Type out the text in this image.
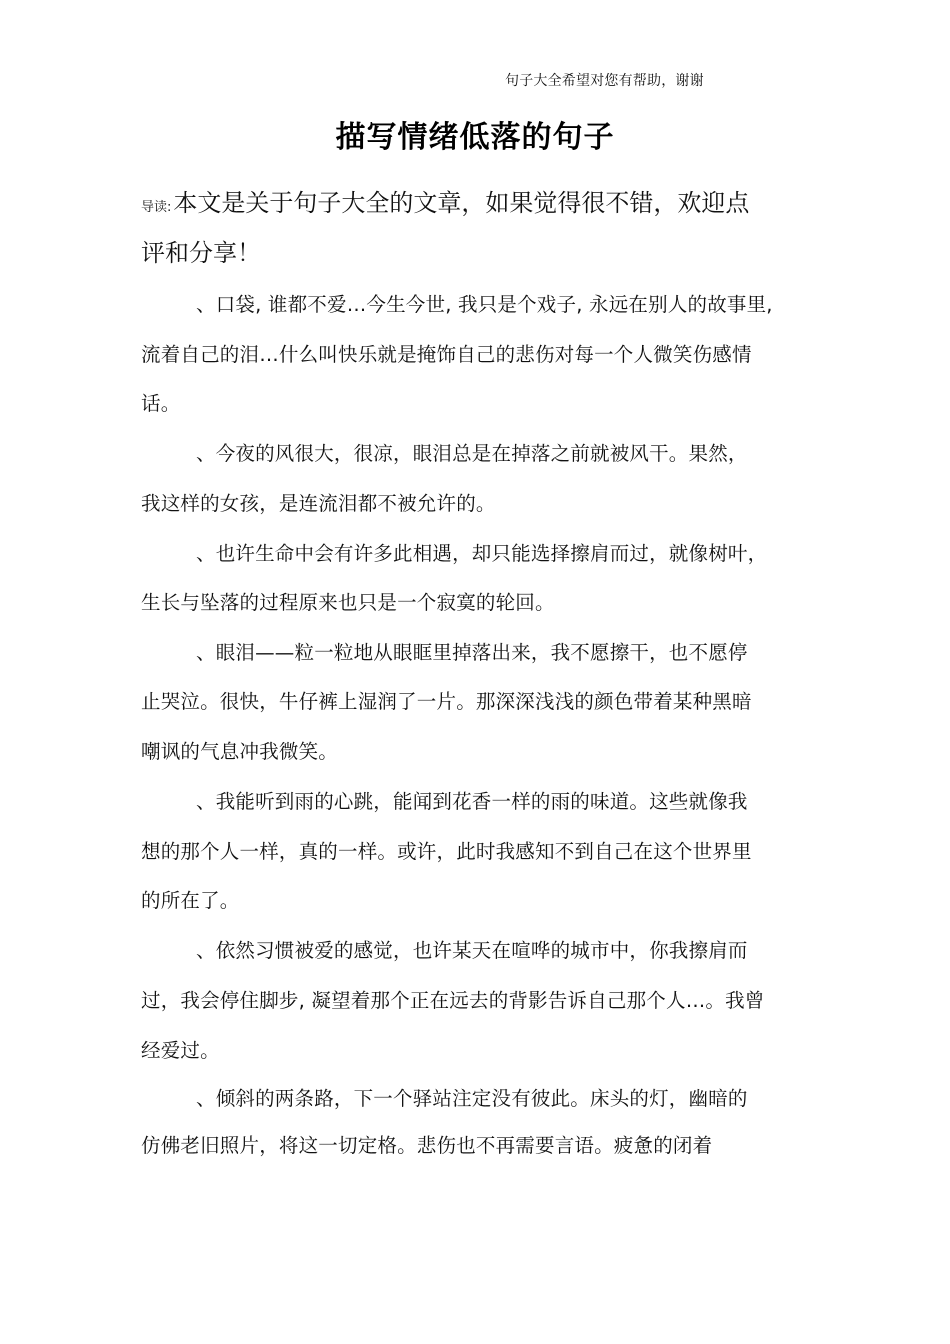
句子大全希望对您有帮助，谢谢
描写情绪低落的句子
导读:本文是关于句子大全的文章，如果觉得很不错，欢迎点
评和分享！
、口袋, 谁都不爱…今生今世, 我只是个戏子, 永远在别人的故事里,
流着自己的泪…什么叫快乐就是掩饰自己的悲伤对每一个人微笑伤感情
话。
、今夜的风很大，很凉，眼泪总是在掉落之前就被风干。果然，
我这样的女孩，是连流泪都不被允许的。
、也许生命中会有许多此相遇，却只能选择擦肩而过，就像树叶，
生长与坠落的过程原来也只是一个寂寞的轮回。
、眼泪——粒一粒地从眼眶里掉落出来，我不愿擦干，也不愿停
止哭泣。很快，牛仔裤上湿润了一片。那深深浅浅的颜色带着某种黑暗
嘲讽的气息冲我微笑。
、我能听到雨的心跳，能闻到花香一样的雨的味道。这些就像我
想的那个人一样，真的一样。或许，此时我感知不到自己在这个世界里
的所在了。
、依然习惯被爱的感觉，也许某天在喧哗的城市中，你我擦肩而
过，我会停住脚步, 凝望着那个正在远去的背影告诉自己那个人…。我曾
经爱过。
、倾斜的两条路，下一个驿站注定没有彼此。床头的灯，幽暗的
仿佛老旧照片，将这一切定格。悲伤也不再需要言语。疲惫的闭着
